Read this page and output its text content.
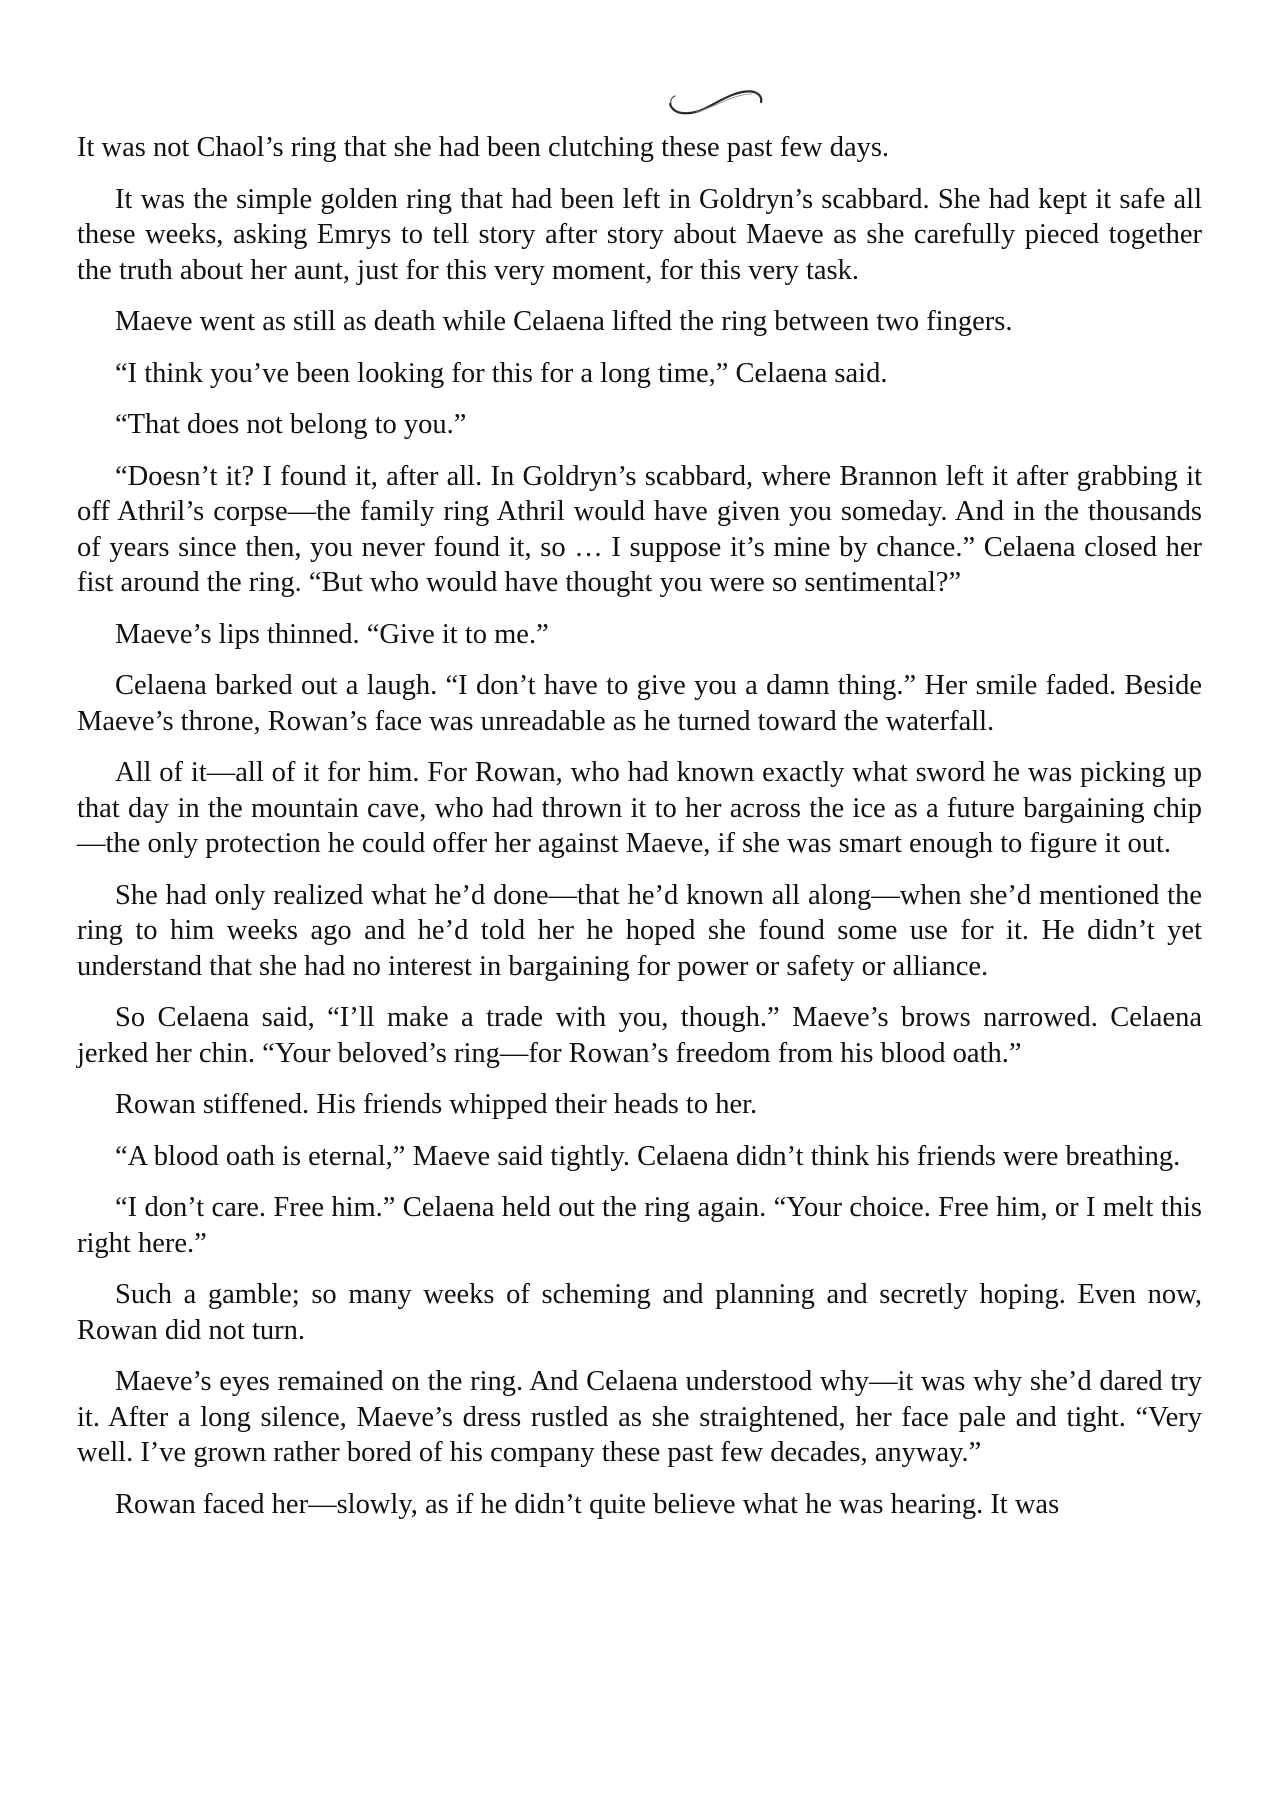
It was not Chaol’s ring that she had been clutching these past few days.

It was the simple golden ring that had been left in Goldryn’s scabbard. She had kept it safe all these weeks, asking Emrys to tell story after story about Maeve as she carefully pieced together the truth about her aunt, just for this very moment, for this very task.

Maeve went as still as death while Celaena lifted the ring between two fingers.

“I think you’ve been looking for this for a long time,” Celaena said.

“That does not belong to you.”

“Doesn’t it? I found it, after all. In Goldryn’s scabbard, where Brannon left it after grabbing it off Athril’s corpse—the family ring Athril would have given you someday. And in the thousands of years since then, you never found it, so … I suppose it’s mine by chance.” Celaena closed her fist around the ring. “But who would have thought you were so sentimental?”

Maeve’s lips thinned. “Give it to me.”

Celaena barked out a laugh. “I don’t have to give you a damn thing.” Her smile faded. Beside Maeve’s throne, Rowan’s face was unreadable as he turned toward the waterfall.

All of it—all of it for him. For Rowan, who had known exactly what sword he was picking up that day in the mountain cave, who had thrown it to her across the ice as a future bargaining chip—the only protection he could offer her against Maeve, if she was smart enough to figure it out.

She had only realized what he’d done—that he’d known all along—when she’d mentioned the ring to him weeks ago and he’d told her he hoped she found some use for it. He didn’t yet understand that she had no interest in bargaining for power or safety or alliance.

So Celaena said, “I’ll make a trade with you, though.” Maeve’s brows narrowed. Celaena jerked her chin. “Your beloved’s ring—for Rowan’s freedom from his blood oath.”

Rowan stiffened. His friends whipped their heads to her.

“A blood oath is eternal,” Maeve said tightly. Celaena didn’t think his friends were breathing.

“I don’t care. Free him.” Celaena held out the ring again. “Your choice. Free him, or I melt this right here.”

Such a gamble; so many weeks of scheming and planning and secretly hoping. Even now, Rowan did not turn.

Maeve’s eyes remained on the ring. And Celaena understood why—it was why she’d dared try it. After a long silence, Maeve’s dress rustled as she straightened, her face pale and tight. “Very well. I’ve grown rather bored of his company these past few decades, anyway.”

Rowan faced her—slowly, as if he didn’t quite believe what he was hearing. It was
